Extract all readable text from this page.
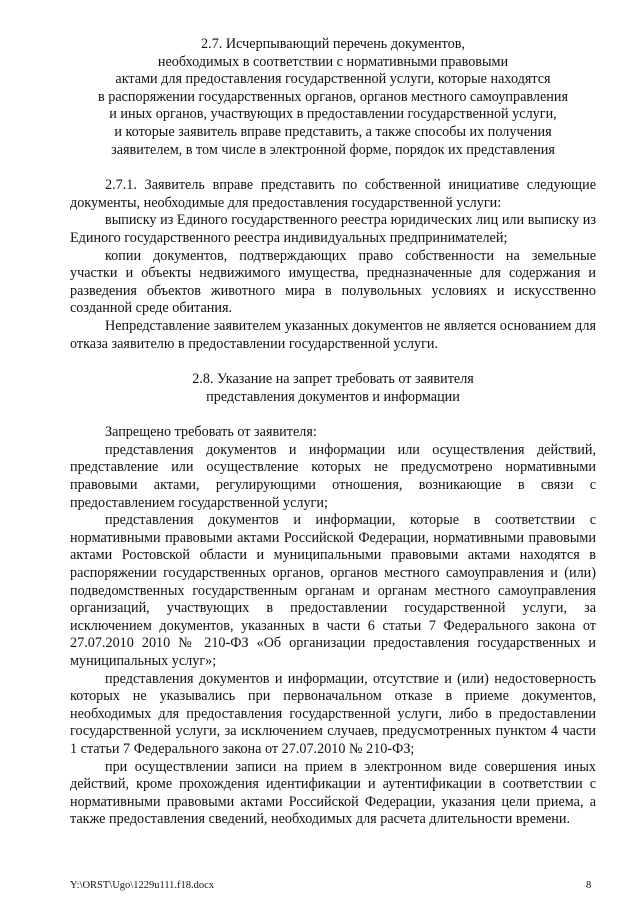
2.7. Исчерпывающий перечень документов,
необходимых в соответствии с нормативными правовыми
актами для предоставления государственной услуги, которые находятся
в распоряжении государственных органов, органов местного самоуправления
и иных органов, участвующих в предоставлении государственной услуги,
и которые заявитель вправе представить, а также способы их получения
заявителем, в том числе в электронной форме, порядок их представления

2.7.1. Заявитель вправе представить по собственной инициативе следующие документы, необходимые для предоставления государственной услуги:

выписку из Единого государственного реестра юридических лиц или выписку из Единого государственного реестра индивидуальных предпринимателей;

копии документов, подтверждающих право собственности на земельные участки и объекты недвижимого имущества, предназначенные для содержания и разведения объектов животного мира в полувольных условиях и искусственно созданной среде обитания.

Непредставление заявителем указанных документов не является основанием для отказа заявителю в предоставлении государственной услуги.

2.8. Указание на запрет требовать от заявителя
представления документов и информации

Запрещено требовать от заявителя:

представления документов и информации или осуществления действий, представление или осуществление которых не предусмотрено нормативными правовыми актами, регулирующими отношения, возникающие в связи с предоставлением государственной услуги;

представления документов и информации, которые в соответствии с нормативными правовыми актами Российской Федерации, нормативными правовыми актами Ростовской области и муниципальными правовыми актами находятся в распоряжении государственных органов, органов местного самоуправления и (или) подведомственных государственным органам и органам местного самоуправления организаций, участвующих в предоставлении государственной услуги, за исключением документов, указанных в части 6 статьи 7 Федерального закона от 27.07.2010 2010 № 210-ФЗ «Об организации предоставления государственных и муниципальных услуг»;

представления документов и информации, отсутствие и (или) недостоверность которых не указывались при первоначальном отказе в приеме документов, необходимых для предоставления государственной услуги, либо в предоставлении государственной услуги, за исключением случаев, предусмотренных пунктом 4 части 1 статьи 7 Федерального закона от 27.07.2010 № 210-ФЗ;

при осуществлении записи на прием в электронном виде совершения иных действий, кроме прохождения идентификации и аутентификации в соответствии с нормативными правовыми актами Российской Федерации, указания цели приема, а также предоставления сведений, необходимых для расчета длительности времени.

Y:\ORST\Ugo\1229u111.f18.docx	8
